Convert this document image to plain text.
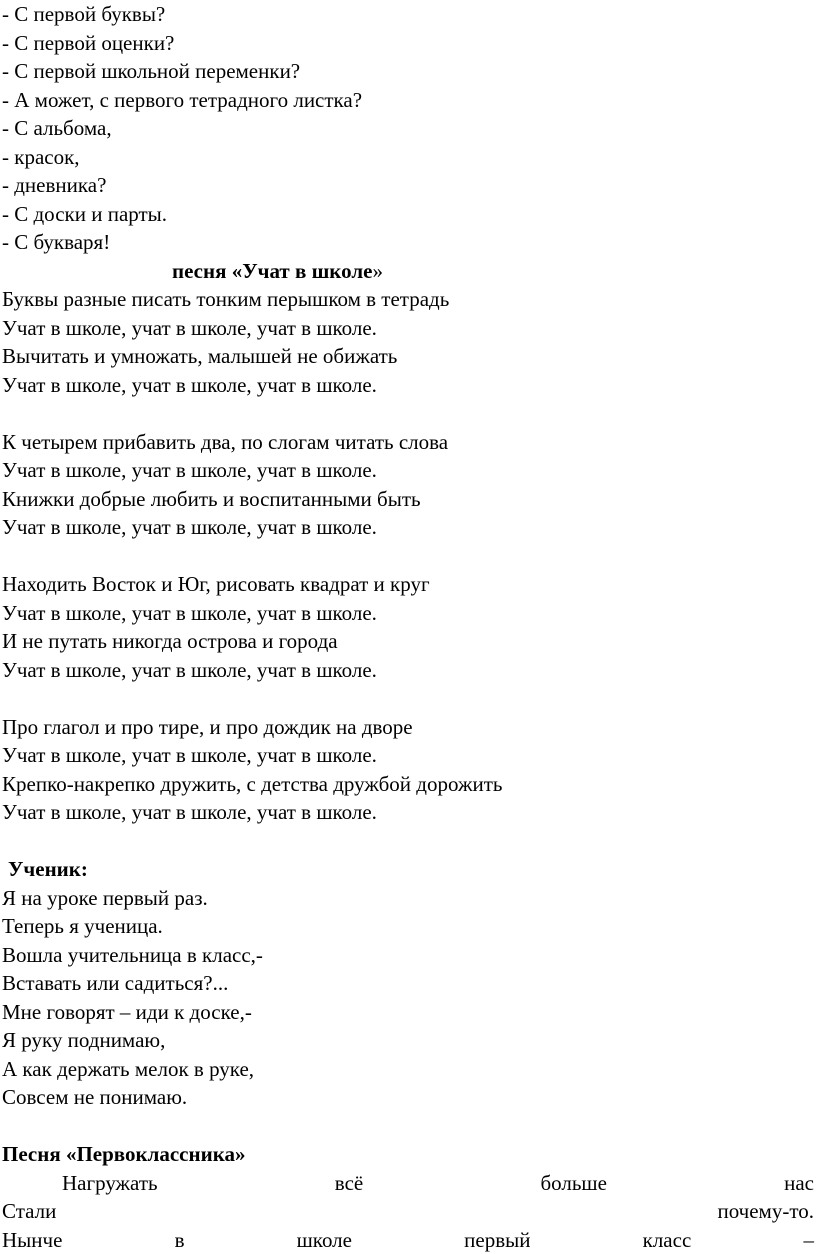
- С первой буквы?
- С первой оценки?
- С первой школьной переменки?
- А может, с первого тетрадного листка?
- С альбома,
- красок,
- дневника?
- С доски и парты.
- С букваря!
песня «Учат в школе»
Буквы разные писать тонким перышком в тетрадь
Учат в школе, учат в школе, учат в школе.
Вычитать и умножать, малышей не обижать
Учат в школе, учат в школе, учат в школе.
К четырем прибавить два, по слогам читать слова
Учат в школе, учат в школе, учат в школе.
Книжки добрые любить и воспитанными быть
Учат в школе, учат в школе, учат в школе.
Находить Восток и Юг, рисовать квадрат и круг
Учат в школе, учат в школе, учат в школе.
И не путать никогда острова и города
Учат в школе, учат в школе, учат в школе.
Про глагол и про тире, и про дождик на дворе
Учат в школе, учат в школе, учат в школе.
Крепко-накрепко дружить, с детства дружбой дорожить
Учат в школе, учат в школе, учат в школе.
Ученик:
Я на уроке первый раз.
Теперь я ученица.
Вошла учительница в класс,-
Вставать или садиться?...
Мне говорят – иди к доске,-
Я руку поднимаю,
А как держать мелок в руке,
Совсем не понимаю.
Песня «Первоклассника»
Нагружать	всё	больше	нас
Стали	почему-то.
Нынче	в	школе	первый	класс	–
